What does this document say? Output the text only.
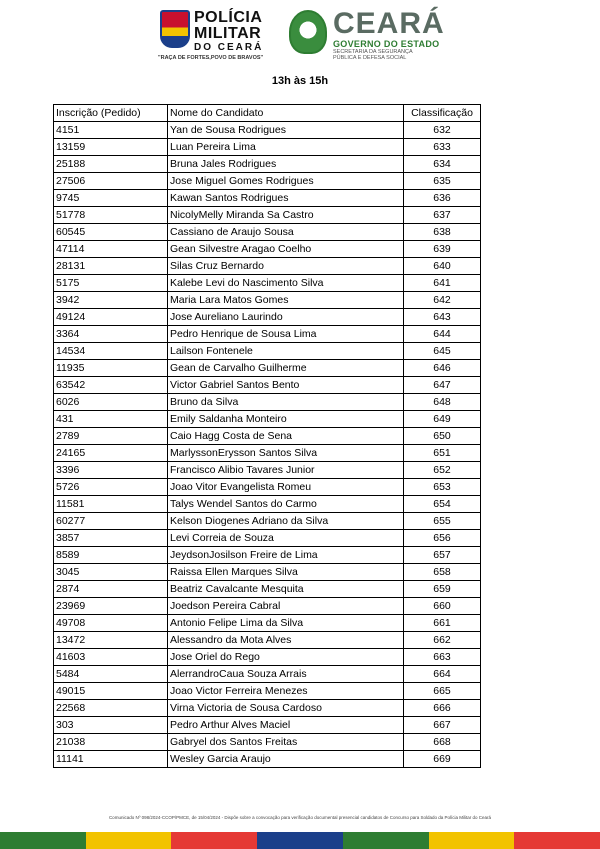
POLÍCIA
MILITAR
DO CEARÁ
"RAÇA DE FORTES,POVO DE BRAVOS"
CEARÁ
GOVERNO DO ESTADO
SECRETARIA DA SEGURANÇA
PÚBLICA E DEFESA SOCIAL
13h às 15h
Inscrição (Pedido)	Nome do Candidato	Classificação
4151	Yan de Sousa Rodrigues	632
13159	Luan Pereira Lima	633
25188	Bruna Jales Rodrigues	634
27506	Jose Miguel Gomes Rodrigues	635
9745	Kawan Santos Rodrigues	636
51778	NicolyMelly Miranda Sa Castro	637
60545	Cassiano de Araujo Sousa	638
47114	Gean Silvestre Aragao Coelho	639
28131	Silas Cruz Bernardo	640
5175	Kalebe Levi do Nascimento Silva	641
3942	Maria Lara Matos Gomes	642
49124	Jose Aureliano Laurindo	643
3364	Pedro Henrique de Sousa Lima	644
14534	Lailson Fontenele	645
11935	Gean de Carvalho Guilherme	646
63542	Victor Gabriel Santos Bento	647
6026	Bruno da Silva	648
431	Emily Saldanha Monteiro	649
2789	Caio Hagg Costa de Sena	650
24165	MarlyssonErysson Santos Silva	651
3396	Francisco Alibio Tavares Junior	652
5726	Joao Vitor Evangelista Romeu	653
11581	Talys Wendel Santos do Carmo	654
60277	Kelson Diogenes Adriano da Silva	655
3857	Levi Correia de Souza	656
8589	JeydsonJosilson Freire de Lima	657
3045	Raissa Ellen Marques Silva	658
2874	Beatriz Cavalcante Mesquita	659
23969	Joedson Pereira Cabral	660
49708	Antonio Felipe Lima da Silva	661
13472	Alessandro da Mota Alves	662
41603	Jose Oriel do Rego	663
5484	AlerrandroCaua Souza Arrais	664
49015	Joao Victor Ferreira Menezes	665
22568	Virna Victoria de Sousa Cardoso	666
303	Pedro Arthur Alves Maciel	667
21038	Gabryel dos Santos Freitas	668
11141	Wesley Garcia Araujo	669
Comunicado Nº 098/2024-CCOP/PMCE, de 15/04/2024 - Dispõe sobre a convocação para verificação documental presencial candidatos de Concurso para Soldado da Polícia Militar do Ceará
